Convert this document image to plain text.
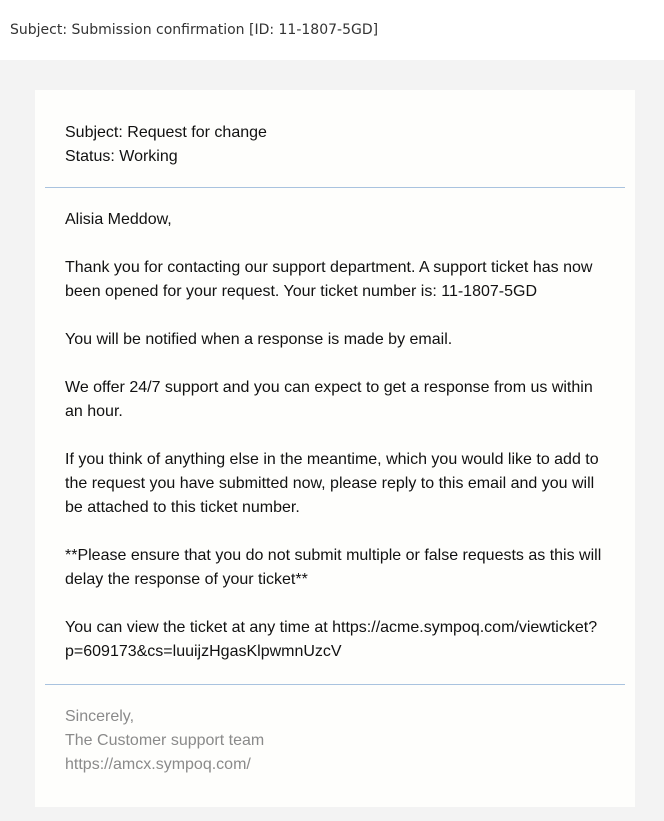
Subject: Submission confirmation [ID: 11-1807-5GD]
Subject: Request for change
Status: Working

Alisia Meddow,

Thank you for contacting our support department. A support ticket has now been opened for your request. Your ticket number is: 11-1807-5GD

You will be notified when a response is made by email.

We offer 24/7 support and you can expect to get a response from us within an hour.

If you think of anything else in the meantime, which you would like to add to the request you have submitted now, please reply to this email and you will be attached to this ticket number.

**Please ensure that you do not submit multiple or false requests as this will delay the response of your ticket**

You can view the ticket at any time at https://acme.sympoq.com/viewticket?p=609173&cs=luuijzHgasKlpwmnUzcV

Sincerely,
The Customer support team
https://amcx.sympoq.com/
